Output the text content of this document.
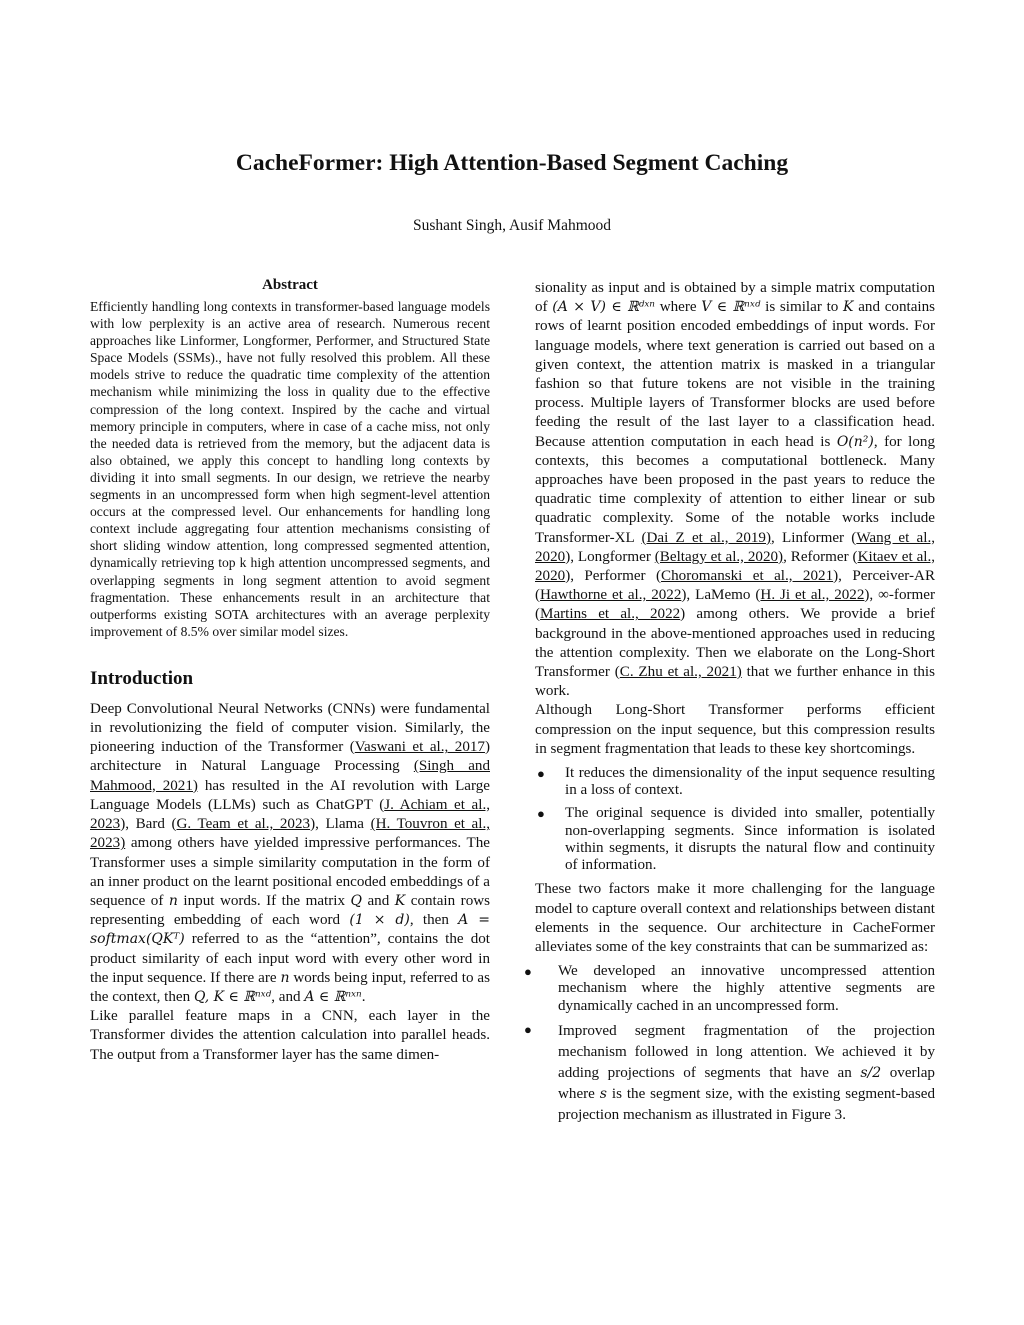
CacheFormer: High Attention-Based Segment Caching
Sushant Singh, Ausif Mahmood
Abstract

Efficiently handling long contexts in transformer-based language models with low perplexity is an active area of research. Numerous recent approaches like Linformer, Longformer, Performer, and Structured State Space Models (SSMs)., have not fully resolved this problem. All these models strive to reduce the quadratic time complexity of the attention mechanism while minimizing the loss in quality due to the effective compression of the long context. Inspired by the cache and virtual memory principle in computers, where in case of a cache miss, not only the needed data is retrieved from the memory, but the adjacent data is also obtained, we apply this concept to handling long contexts by dividing it into small segments. In our design, we retrieve the nearby segments in an uncompressed form when high segment-level attention occurs at the compressed level. Our enhancements for handling long context include aggregating four attention mechanisms consisting of short sliding window attention, long compressed segmented attention, dynamically retrieving top k high attention uncompressed segments, and overlapping segments in long segment attention to avoid segment fragmentation. These enhancements result in an architecture that outperforms existing SOTA architectures with an average perplexity improvement of 8.5% over similar model sizes.

Introduction

Deep Convolutional Neural Networks (CNNs) were fundamental in revolutionizing the field of computer vision. Similarly, the pioneering induction of the Transformer (Vaswani et al., 2017) architecture in Natural Language Processing (Singh and Mahmood, 2021) has resulted in the AI revolution with Large Language Models (LLMs) such as ChatGPT (J. Achiam et al., 2023), Bard (G. Team et al., 2023), Llama (H. Touvron et al., 2023) among others have yielded impressive performances. The Transformer uses a simple similarity computation in the form of an inner product on the learnt positional encoded embeddings of a sequence of n input words. If the matrix Q and K contain rows representing embedding of each word (1 × d), then A = softmax(QKᵀ) referred to as the “attention”, contains the dot product similarity of each input word with every other word in the input sequence. If there are n words being input, referred to as the context, then Q, K ∈ ℝⁿˣᵈ, and A ∈ ℝⁿˣⁿ.

Like parallel feature maps in a CNN, each layer in the Transformer divides the attention calculation into parallel heads. The output from a Transformer layer has the same dimen-

sionality as input and is obtained by a simple matrix computation of (A × V) ∈ ℝᵈˣⁿ where V ∈ ℝⁿˣᵈ is similar to K and contains rows of learnt position encoded embeddings of input words. For language models, where text generation is carried out based on a given context, the attention matrix is masked in a triangular fashion so that future tokens are not visible in the training process. Multiple layers of Transformer blocks are used before feeding the result of the last layer to a classification head. Because attention computation in each head is O(n²), for long contexts, this becomes a computational bottleneck. Many approaches have been proposed in the past years to reduce the quadratic time complexity of attention to either linear or sub quadratic complexity. Some of the notable works include Transformer-XL (Dai Z et al., 2019), Linformer (Wang et al., 2020), Longformer (Beltagy et al., 2020), Reformer (Kitaev et al., 2020), Performer (Choromanski et al., 2021), Perceiver-AR (Hawthorne et al., 2022), LaMemo (H. Ji et al., 2022), ∞-former (Martins et al., 2022) among others. We provide a brief background in the above-mentioned approaches used in reducing the attention complexity. Then we elaborate on the Long-Short Transformer (C. Zhu et al., 2021) that we further enhance in this work.

Although Long-Short Transformer performs efficient compression on the input sequence, but this compression results in segment fragmentation that leads to these key shortcomings.

● It reduces the dimensionality of the input sequence resulting in a loss of context.
● The original sequence is divided into smaller, potentially non-overlapping segments. Since information is isolated within segments, it disrupts the natural flow and continuity of information.

These two factors make it more challenging for the language model to capture overall context and relationships between distant elements in the sequence. Our architecture in CacheFormer alleviates some of the key constraints that can be summarized as:

● We developed an innovative uncompressed attention mechanism where the highly attentive segments are dynamically cached in an uncompressed form.
● Improved segment fragmentation of the projection mechanism followed in long attention. We achieved it by adding projections of segments that have an s/2 overlap where s is the segment size, with the existing segment-based projection mechanism as illustrated in Figure 3.
